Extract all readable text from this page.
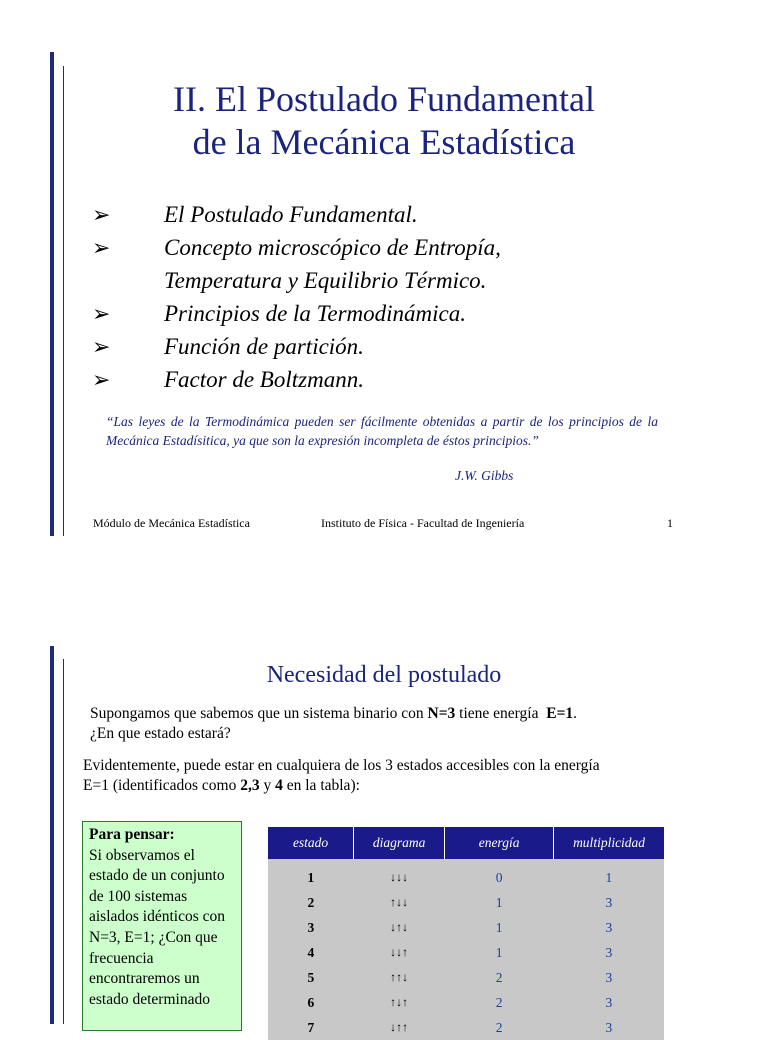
II. El Postulado Fundamental
de la Mecánica Estadística
➢	El Postulado Fundamental.
➢	Concepto microscópico de Entropía,
Temperatura y Equilibrio Térmico.
➢	Principios de la Termodinámica.
➢	Función de partición.
➢	Factor de Boltzmann.
“Las leyes de la Termodinámica pueden ser fácilmente obtenidas a partir de los principios de la Mecánica Estadísitica, ya que son la expresión incompleta de éstos principios.”
J.W. Gibbs
Módulo de Mecánica Estadística	Instituto de Física - Facultad de Ingeniería	1
Necesidad del postulado
Supongamos que sabemos que un sistema binario con N=3 tiene energía  E=1.
¿En que estado estará?
Evidentemente, puede estar en cualquiera de los 3 estados accesibles con la energía E=1 (identificados como 2,3 y 4 en la tabla):
Para pensar:
Si observamos el estado de un conjunto de 100 sistemas aislados idénticos con N=3, E=1; ¿Con que frecuencia encontraremos un estado determinado
estado	diagrama	energía	multiplicidad
1	↓↓↓	0	1
2	↑↓↓	1	3
3	↓↑↓	1	3
4	↓↓↑	1	3
5	↑↑↓	2	3
6	↑↓↑	2	3
7	↓↑↑	2	3
